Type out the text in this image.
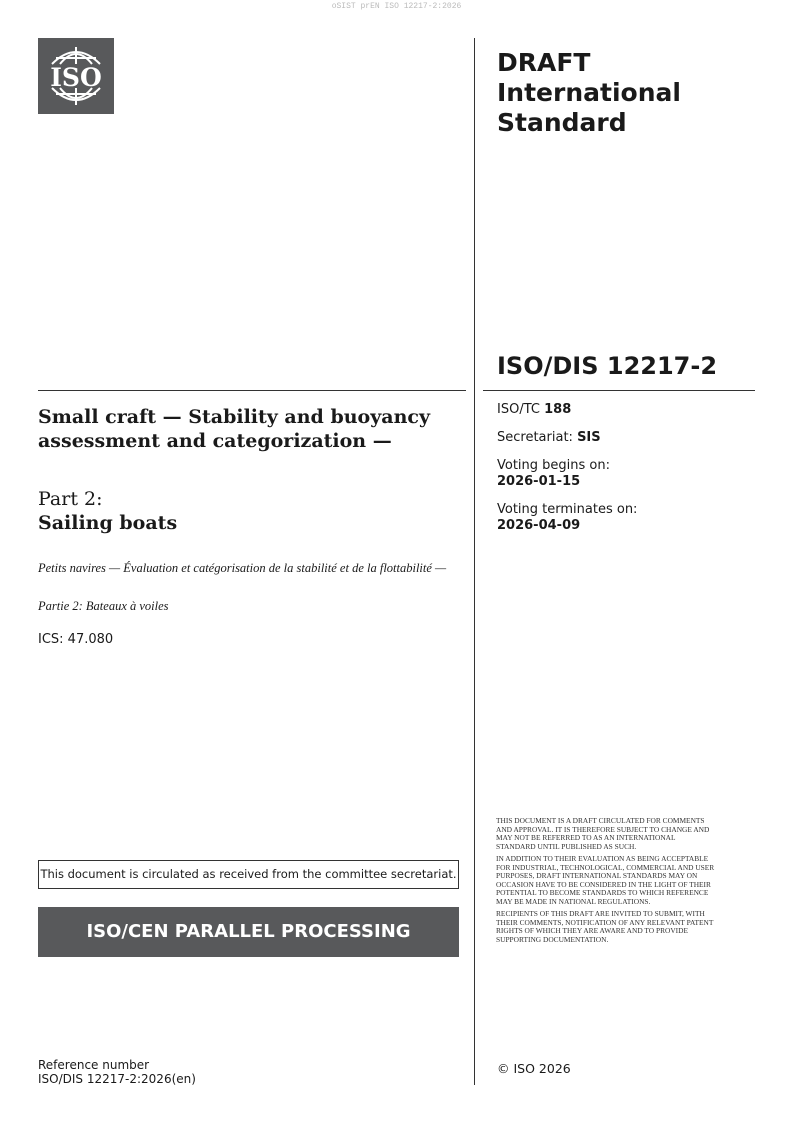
oSIST prEN ISO 12217-2:2026
ISO
DRAFT
International
Standard
ISO/DIS 12217-2
ISO/TC 188
Secretariat: SIS
Voting begins on:
2026-01-15
Voting terminates on:
2026-04-09
Small craft — Stability and buoyancy assessment and categorization —
Part 2:
Sailing boats
Petits navires — Évaluation et catégorisation de la stabilité et de la flottabilité —
Partie 2: Bateaux à voiles
ICS: 47.080
This document is circulated as received from the committee secretariat.
ISO/CEN PARALLEL PROCESSING
Reference number
ISO/DIS 12217-2:2026(en)

THIS DOCUMENT IS A DRAFT CIRCULATED FOR COMMENTS AND APPROVAL. IT IS THEREFORE SUBJECT TO CHANGE AND MAY NOT BE REFERRED TO AS AN INTERNATIONAL STANDARD UNTIL PUBLISHED AS SUCH.

IN ADDITION TO THEIR EVALUATION AS BEING ACCEPTABLE FOR INDUSTRIAL, TECHNOLOGICAL, COMMERCIAL AND USER PURPOSES, DRAFT INTERNATIONAL STANDARDS MAY ON OCCASION HAVE TO BE CONSIDERED IN THE LIGHT OF THEIR POTENTIAL TO BECOME STANDARDS TO WHICH REFERENCE MAY BE MADE IN NATIONAL REGULATIONS.

RECIPIENTS OF THIS DRAFT ARE INVITED TO SUBMIT, WITH THEIR COMMENTS, NOTIFICATION OF ANY RELEVANT PATENT RIGHTS OF WHICH THEY ARE AWARE AND TO PROVIDE SUPPORTING DOCUMENTATION.

© ISO 2026
